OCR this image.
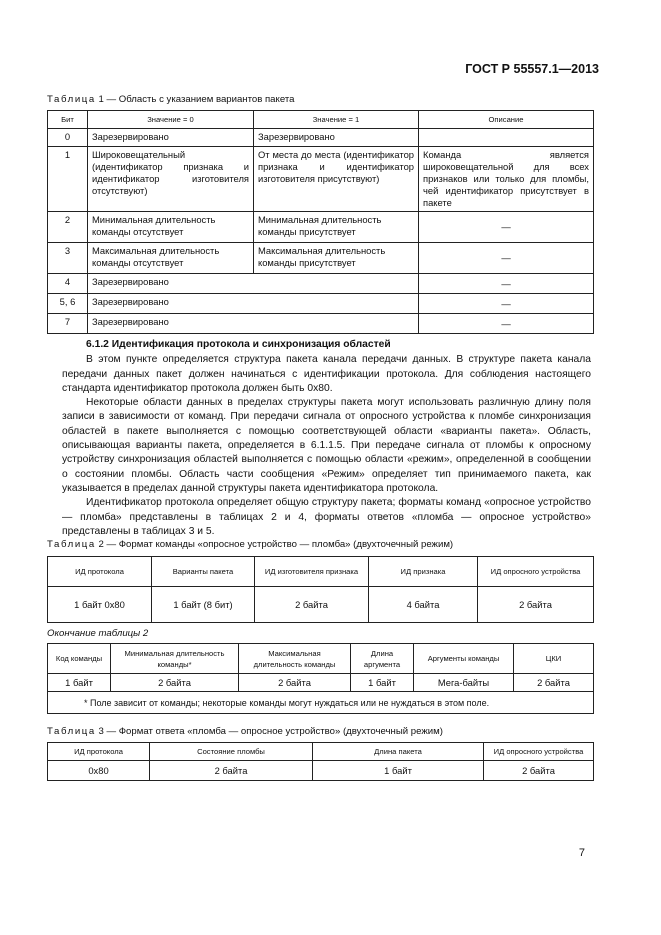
ГОСТ Р 55557.1—2013
Таблица 1 — Область с указанием вариантов пакета
Бит	Значение = 0	Значение = 1	Описание
0	Зарезервировано	Зарезервировано	
1	Широковещательный (идентификатор признака и идентификатор изготовителя отсутствуют)	От места до места (идентификатор признака и идентификатор изготовителя присутствуют)	Команда является широковещательной для всех признаков или только для пломбы, чей идентификатор присутствует в пакете
2	Минимальная длительность команды отсутствует	Минимальная длительность команды присутствует	—
3	Максимальная длительность команды отсутствует	Максимальная длительность команды присутствует	—
4	Зарезервировано		—
5, 6	Зарезервировано		—
7	Зарезервировано		—
6.1.2 Идентификация протокола и синхронизация областей

В этом пункте определяется структура пакета канала передачи данных. В структуре пакета канала передачи данных пакет должен начинаться с идентификации протокола. Для соблюдения настоящего стандарта идентификатор протокола должен быть 0x80.

Некоторые области данных в пределах структуры пакета могут использовать различную длину поля записи в зависимости от команд. При передачи сигнала от опросного устройства к пломбе синхронизация областей в пакете выполняется с помощью соответствующей области «варианты пакета». Область, описывающая варианты пакета, определяется в 6.1.1.5. При передаче сигнала от пломбы к опросному устройству синхронизация областей выполняется с помощью области «режим», определенной в сообщении о состоянии пломбы. Область части сообщения «Режим» определяет тип принимаемого пакета, как указывается в пределах данной структуры пакета идентификатора протокола.

Идентификатор протокола определяет общую структуру пакета; форматы команд «опросное устройство — пломба» представлены в таблицах 2 и 4, форматы ответов «пломба — опросное устройство» представлены в таблицах 3 и 5.

Таблица 2 — Формат команды «опросное устройство — пломба» (двухточечный режим)
ИД протокола	Варианты пакета	ИД изготовителя признака	ИД признака	ИД опросного устройства
1 байт 0x80	1 байт (8 бит)	2 байта	4 байта	2 байта
Окончание таблицы 2
Код команды	Минимальная длительность команды*	Максимальная длительность команды	Длина аргумента	Аргументы команды	ЦКИ
1 байт	2 байта	2 байта	1 байт	Мега-байты	2 байта
* Поле зависит от команды; некоторые команды могут нуждаться или не нуждаться в этом поле.					
Таблица 3 — Формат ответа «пломба — опросное устройство» (двухточечный режим)
ИД протокола	Состояние пломбы	Длина пакета	ИД опросного устройства
0x80	2 байта	1 байт	2 байта
7
